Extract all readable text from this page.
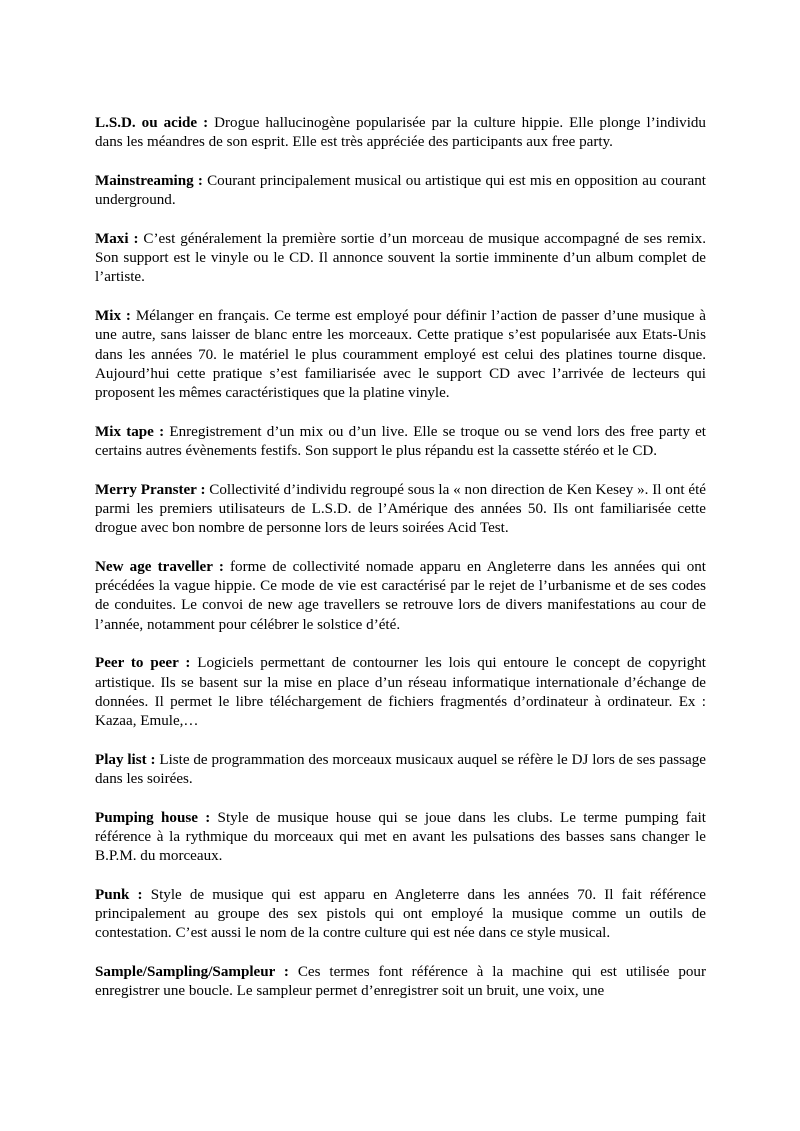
L.S.D. ou acide : Drogue hallucinogène popularisée par la culture hippie. Elle plonge l’individu dans les méandres de son esprit. Elle est très appréciée des participants aux free party.

Mainstreaming : Courant principalement musical ou artistique qui est mis en opposition au courant underground.

Maxi : C’est généralement la première sortie d’un morceau de musique accompagné de ses remix. Son support est le vinyle ou le CD. Il annonce souvent la sortie imminente d’un album complet de l’artiste.

Mix : Mélanger en français. Ce terme est employé pour définir l’action de passer d’une musique à une autre, sans laisser de blanc entre les morceaux. Cette pratique s’est popularisée aux Etats-Unis dans les années 70. le matériel le plus couramment employé est celui des platines tourne disque. Aujourd’hui cette pratique s’est familiarisée avec le support CD avec l’arrivée de lecteurs qui proposent les mêmes caractéristiques que la platine vinyle.

Mix tape : Enregistrement d’un mix ou d’un live. Elle se troque ou se vend lors des free party et certains autres évènements festifs. Son support le plus répandu est la cassette stéréo et le CD.

Merry Pranster : Collectivité d’individu regroupé sous la « non direction de Ken Kesey ». Il ont été parmi les premiers utilisateurs de L.S.D. de l’Amérique des années 50. Ils ont familiarisée cette drogue avec bon nombre de personne lors de leurs soirées Acid Test.

New age traveller : forme de collectivité nomade apparu en Angleterre dans les années qui ont précédées la vague hippie. Ce mode de vie est caractérisé par le rejet de l’urbanisme et de ses codes de conduites. Le convoi de new age travellers se retrouve lors de divers manifestations au cour de l’année, notamment pour célébrer le solstice d’été.

Peer to peer : Logiciels permettant de contourner les lois qui entoure le concept de copyright artistique. Ils se basent sur la mise en place d’un réseau informatique internationale d’échange de données. Il permet le libre téléchargement de fichiers fragmentés d’ordinateur à ordinateur. Ex : Kazaa, Emule,…

Play list : Liste de programmation des morceaux musicaux auquel se réfère le DJ lors de ses passage dans les soirées.

Pumping house : Style de musique house qui se joue dans les clubs. Le terme pumping fait référence à la rythmique du morceaux qui met en avant les pulsations des basses sans changer le B.P.M. du morceaux.

Punk : Style de musique qui est apparu en Angleterre dans les années 70. Il fait référence principalement au groupe des sex pistols qui ont employé la musique comme un outils de contestation. C’est aussi le nom de la contre culture qui est née dans ce style musical.

Sample/Sampling/Sampleur : Ces termes font référence à la machine qui est utilisée pour enregistrer une boucle. Le sampleur permet d’enregistrer soit un bruit, une voix, une
